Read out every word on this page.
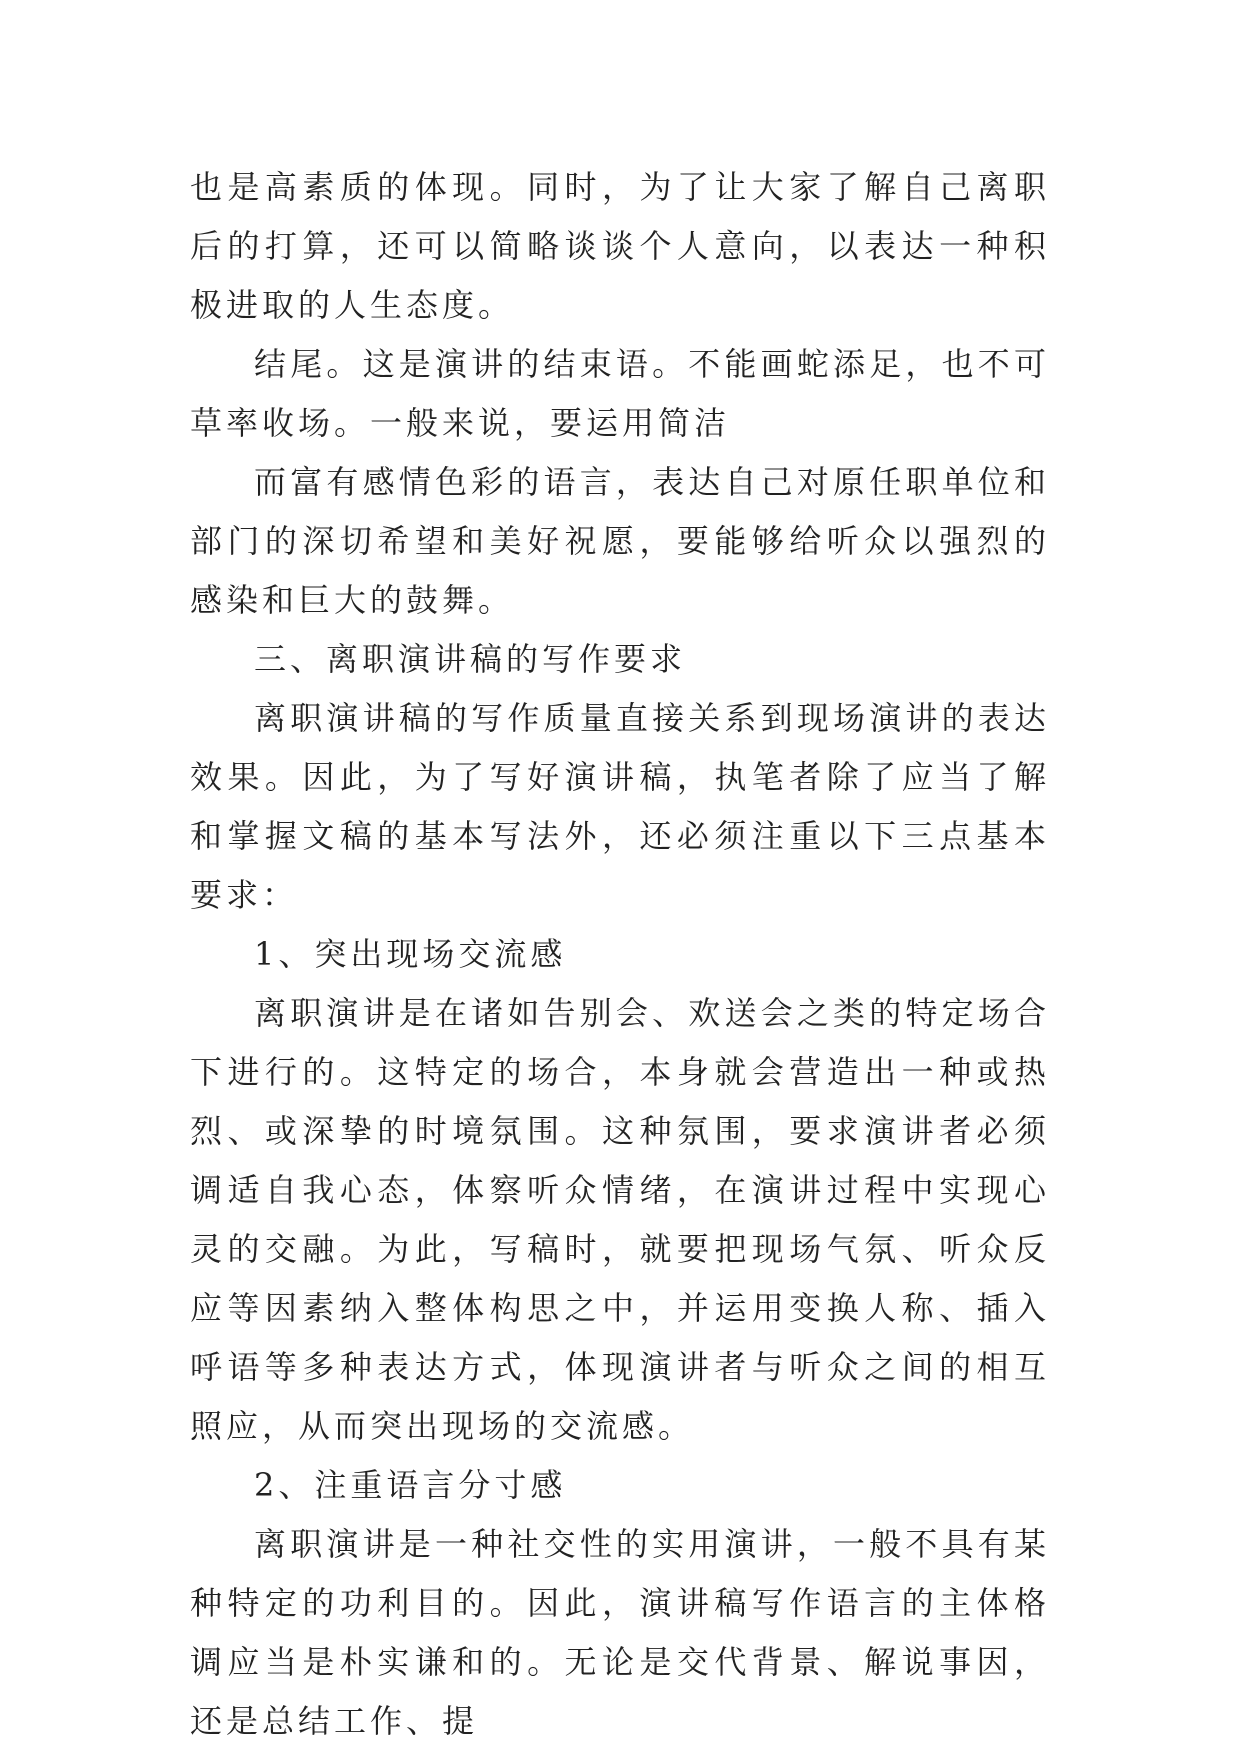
也是高素质的体现。同时，为了让大家了解自己离职后的打算，还可以简略谈谈个人意向，以表达一种积极进取的人生态度。

结尾。这是演讲的结束语。不能画蛇添足，也不可草率收场。一般来说，要运用简洁

而富有感情色彩的语言，表达自己对原任职单位和部门的深切希望和美好祝愿，要能够给听众以强烈的感染和巨大的鼓舞。

三、离职演讲稿的写作要求

离职演讲稿的写作质量直接关系到现场演讲的表达效果。因此，为了写好演讲稿，执笔者除了应当了解和掌握文稿的基本写法外，还必须注重以下三点基本要求：

1、突出现场交流感

离职演讲是在诸如告别会、欢送会之类的特定场合下进行的。这特定的场合，本身就会营造出一种或热烈、或深挚的时境氛围。这种氛围，要求演讲者必须调适自我心态，体察听众情绪，在演讲过程中实现心灵的交融。为此，写稿时，就要把现场气氛、听众反应等因素纳入整体构思之中，并运用变换人称、插入呼语等多种表达方式，体现演讲者与听众之间的相互照应，从而突出现场的交流感。

2、注重语言分寸感

离职演讲是一种社交性的实用演讲，一般不具有某种特定的功利目的。因此，演讲稿写作语言的主体格调应当是朴实谦和的。无论是交代背景、解说事因，还是总结工作、提
